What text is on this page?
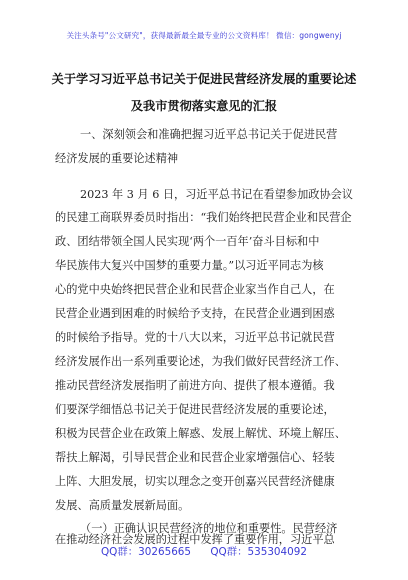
关注头条号"公文研究"，获得最新最全最专业的公文资料库！ 微信：gongwenyj
关于学习习近平总书记关于促进民营经济发展的重要论述
及我市贯彻落实意见的汇报
一、深刻领会和准确把握习近平总书记关于促进民营
经济发展的重要论述精神
2023 年 3 月 6 日，习近平总书记在看望参加政协会议
的民建工商联界委员时指出：“我们始终把民营企业和民营企
政、团结带领全国人民实现‘两个一百年’奋斗目标和中
华民族伟大复兴中国梦的重要力量。”以习近平同志为核
心的党中央始终把民营企业和民营企业家当作自己人，在
民营企业遇到困难的时候给予支持，在民营企业遇到困惑
的时候给予指导。党的十八大以来，习近平总书记就民营
经济发展作出一系列重要论述，为我们做好民营经济工作、
推动民营经济发展指明了前进方向、提供了根本遵循。我
们要深学细悟总书记关于促进民营经济发展的重要论述，
积极为民营企业在政策上解惑、发展上解忧、环境上解压、
帮扶上解渴，引导民营企业和民营企业家增强信心、轻装
上阵、大胆发展，切实以理念之变开创嘉兴民营经济健康
发展、高质量发展新局面。
（一）正确认识民营经济的地位和重要性。民营经济
在推动经济社会发展的过程中发挥了重要作用，习近平总
QQ群：30265665 QQ群：535304092
